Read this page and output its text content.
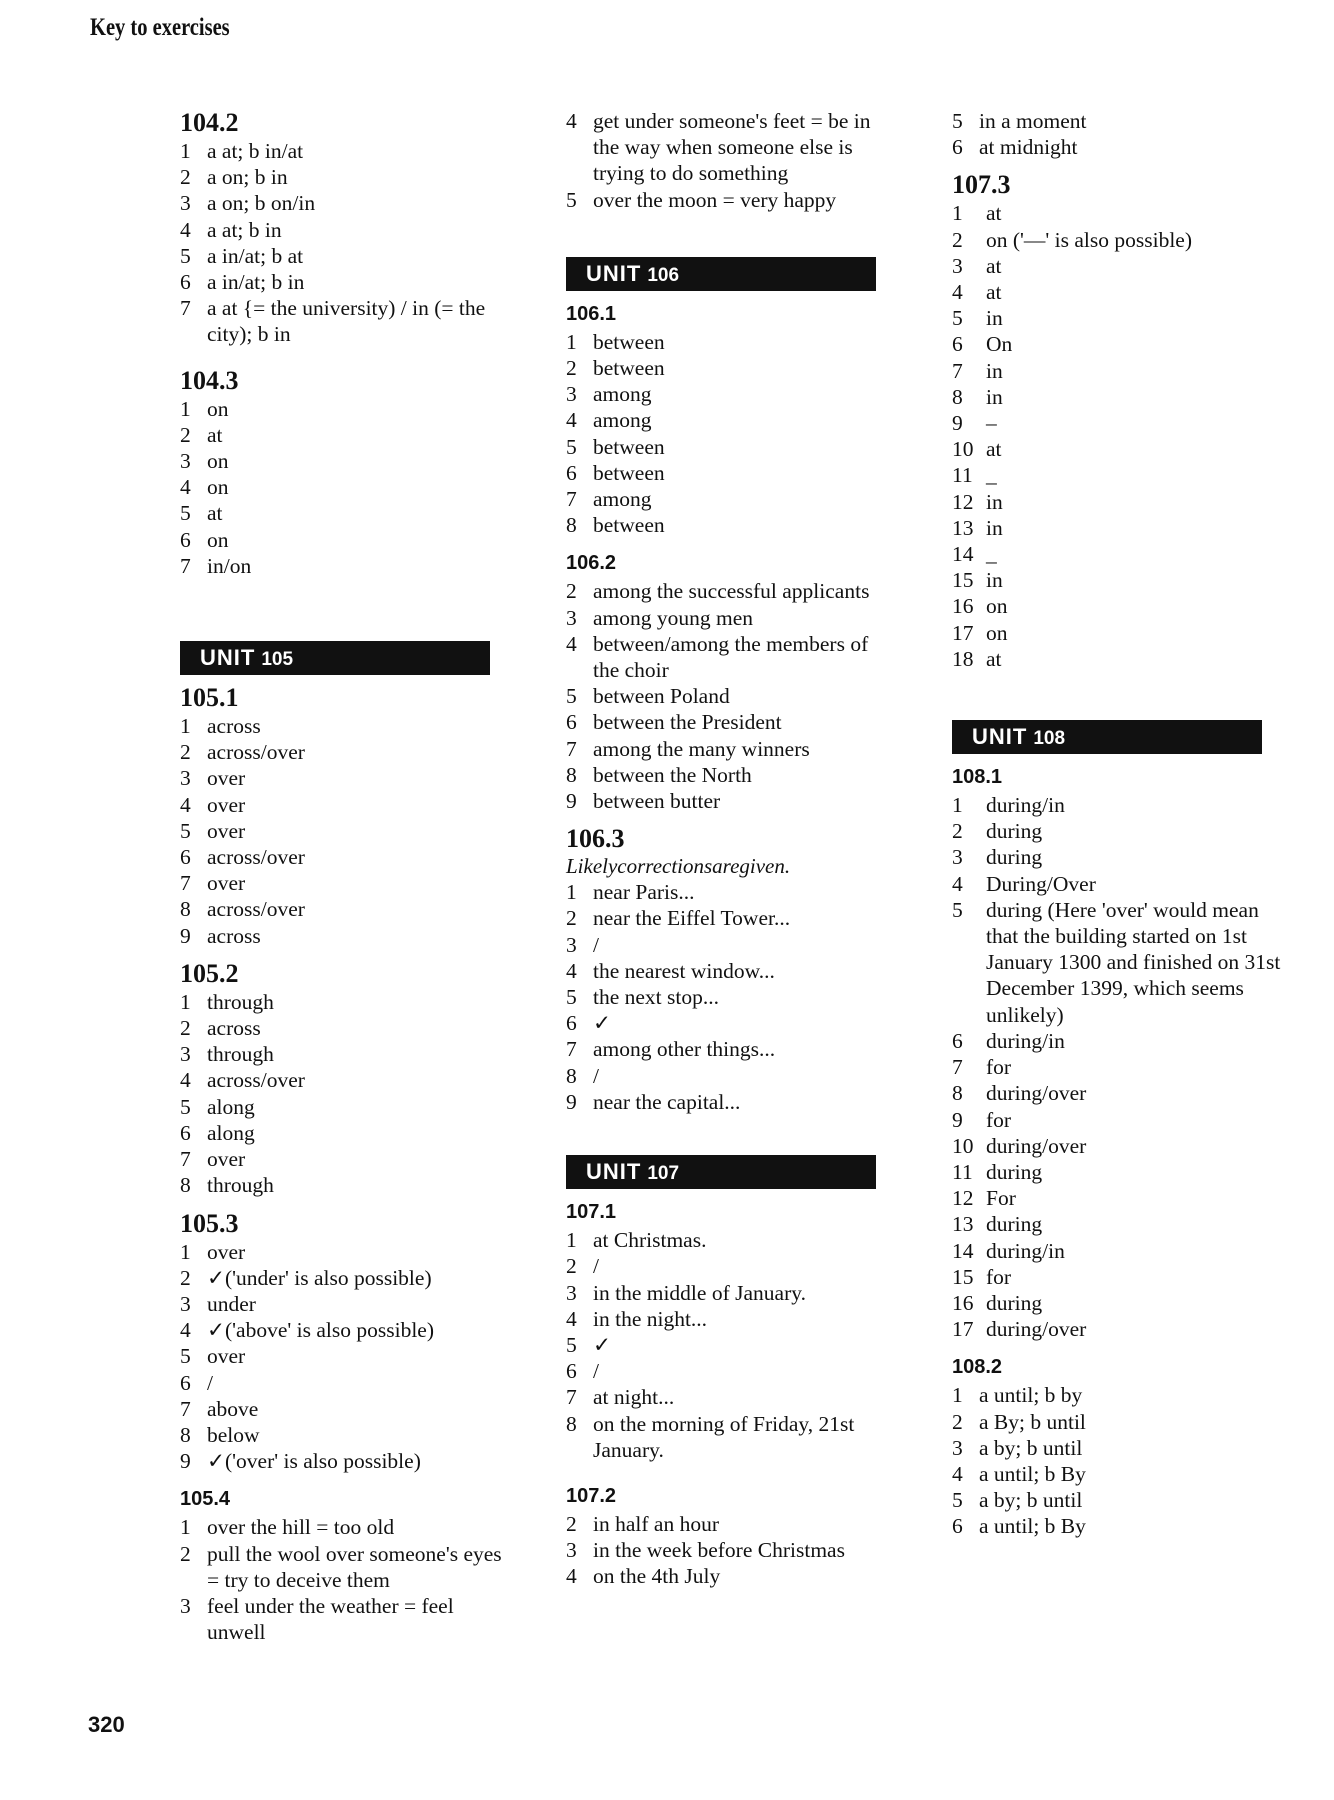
Key to exercises
104.2
1 a at; b in/at
2 a on; b in
3 a on; b on/in
4 a at; b in
5 a in/at; b at
6 a in/at; b in
7 a at {= the university) / in (= the city); b in
104.3
1 on
2 at
3 on
4 on
5 at
6 on
7 in/on
UNIT 105
105.1
1 across
2 across/over
3 over
4 over
5 over
6 across/over
7 over
8 across/over
9 across
105.2
1 through
2 across
3 through
4 across/over
5 along
6 along
7 over
8 through
105.3
1 over
2 ✓('under' is also possible)
3 under
4 ✓('above' is also possible)
5 over
6 /
7 above
8 below
9 ✓('over' is also possible)
105.4
1 over the hill = too old
2 pull the wool over someone's eyes = try to deceive them
3 feel under the weather = feel unwell
4 get under someone's feet = be in the way when someone else is trying to do something
5 over the moon = very happy
UNIT 106
106.1
1 between
2 between
3 among
4 among
5 between
6 between
7 among
8 between
106.2
2 among the successful applicants
3 among young men
4 between/among the members of the choir
5 between Poland
6 between the President
7 among the many winners
8 between the North
9 between butter
106.3
Likelycorrectionsaregiven.
1 near Paris...
2 near the Eiffel Tower...
3 /
4 the nearest window...
5 the next stop...
6 ✓
7 among other things...
8 /
9 near the capital...
UNIT 107
107.1
1 at Christmas.
2 /
3 in the middle of January.
4 in the night...
5 ✓
6 /
7 at night...
8 on the morning of Friday, 21st January.
107.2
2 in half an hour
3 in the week before Christmas
4 on the 4th July
5 in a moment
6 at midnight
107.3
1	at
2	on ('—' is also possible)
3	at
4	at
5	in
6	On
7	in
8	in
9	–
10 at
11 _
12 in
13 in
14 _
15 in
16 on
17 on
18 at
UNIT 108
108.1
1	during/in
2	during
3	during
4	During/Over
5	during (Here 'over' would mean that the building started on 1st January 1300 and finished on 31st December 1399, which seems unlikely)
6	during/in
7	for
8	during/over
9	for
10 during/over
11 during
12 For
13 during
14 during/in
15 for
16 during
17 during/over
108.2
1 a until; b by
2 a By; b until
3 a by; b until
4 a until; b By
5 a by; b until
6 a until; b By
320
